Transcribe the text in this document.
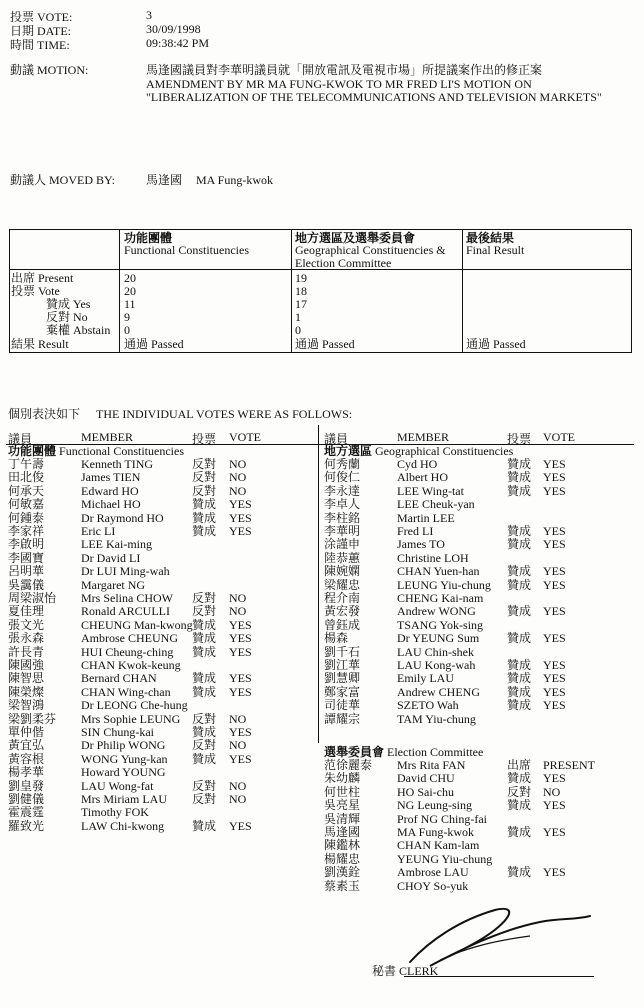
投票 VOTE:	3
日期 DATE:	30/09/1998
時間 TIME:	09:38:42 PM
動議 MOTION:	馬逢國議員對李華明議員就「開放電訊及電視市場」所提議案作出的修正案
AMENDMENT BY MR MA FUNG-KWOK TO MR FRED LI'S MOTION ON
"LIBERALIZATION OF THE TELECOMMUNICATIONS AND TELEVISION MARKETS"
動議人 MOVED BY:	馬逢國 MA Fung-kwok
功能團體
Functional Constituencies
地方選區及選舉委員會
Geographical Constituencies &
Election Committee
最後結果
Final Result
出席 Present	20	19
投票 Vote	20	18
贊成 Yes	11	17
反對 No	9	1
棄權 Abstain 0	0
結果 Result	通過 Passed	通過 Passed	通過 Passed
個別表決如下 THE INDIVIDUAL VOTES WERE AS FOLLOWS:
議員	MEMBER	投票 VOTE	議員	MEMBER	投票 VOTE
功能團體 Functional Constituencies	地方選區 Geographical Constituencies
選舉委員會 Election Committee
丁午壽	Kenneth TING	反對 NO
田北俊	James TIEN	反對 NO
何承天	Edward HO	反對 NO
何敏嘉	Michael HO	贊成 YES
何鍾泰	Dr Raymond HO 贊成 YES
李家祥	Eric LI	贊成 YES
李啟明	LEE Kai-ming
李國寶	Dr David LI
呂明華	Dr LUI Ming-wah
吳靄儀	Margaret NG
周梁淑怡 Mrs Selina CHOW 反對 NO
夏佳理	Ronald ARCULLI 反對 NO
張文光	CHEUNG Man-kwong 贊成 YES
張永森	Ambrose CHEUNG 贊成 YES
許長青	HUI Cheung-ching 贊成 YES
陳國強	CHAN Kwok-keung
陳智思	Bernard CHAN	贊成 YES
陳榮燦	CHAN Wing-chan 贊成 YES
梁智鴻	Dr LEONG Che-hung
梁劉柔芬 Mrs Sophie LEUNG 反對 NO
單仲偕	SIN Chung-kai	贊成 YES
黃宜弘	Dr Philip WONG 反對 NO
黃容根	WONG Yung-kan 贊成 YES
楊孝華	Howard YOUNG
劉皇發	LAU Wong-fat	反對 NO
劉健儀	Mrs Miriam LAU 反對 NO
霍震霆	Timothy FOK
羅致光	LAW Chi-kwong 贊成 YES
何秀蘭	Cyd HO	贊成 YES
何俊仁	Albert HO	贊成 YES
李永達	LEE Wing-tat	贊成 YES
李卓人	LEE Cheuk-yan
李柱銘	Martin LEE
李華明	Fred LI	贊成 YES
涂謹申	James TO	贊成 YES
陸恭蕙	Christine LOH
陳婉嫻	CHAN Yuen-han 贊成 YES
梁耀忠	LEUNG Yiu-chung 贊成 YES
程介南	CHENG Kai-nam
黃宏發	Andrew WONG	贊成 YES
曾鈺成	TSANG Yok-sing
楊森	Dr YEUNG Sum 贊成 YES
劉千石	LAU Chin-shek
劉江華	LAU Kong-wah	贊成 YES
劉慧卿	Emily LAU	贊成 YES
鄭家富	Andrew CHENG 贊成 YES
司徒華	SZETO Wah	贊成 YES
譚耀宗	TAM Yiu-chung
范徐麗泰 Mrs Rita FAN	出席 PRESENT
朱幼麟	David CHU	贊成 YES
何世柱	HO Sai-chu	反對 NO
吳亮星	NG Leung-sing	贊成 YES
吳清輝	Prof NG Ching-fai
馬逢國	MA Fung-kwok	贊成 YES
陳鑑林	CHAN Kam-lam
楊耀忠	YEUNG Yiu-chung
劉漢銓	Ambrose LAU	贊成 YES
蔡素玉	CHOY So-yuk
秘書 CLERK
